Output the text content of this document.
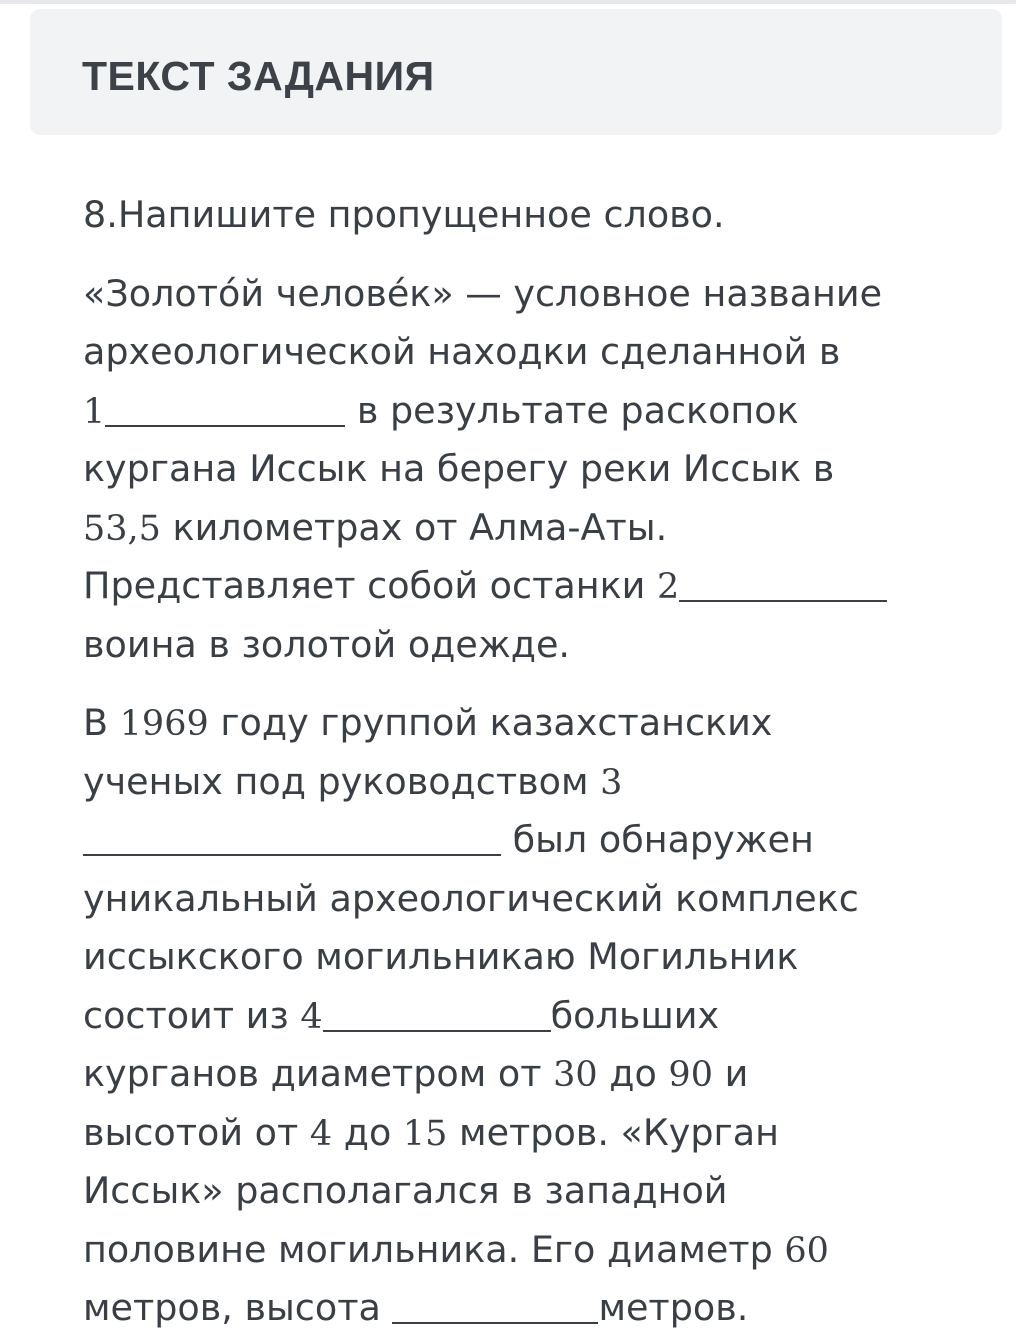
ТЕКСТ ЗАДАНИЯ
8.Напишите пропущенное слово.
«Золото́й челове́к» — условное название
археологической находки сделанной в
1	в результате раскопок
кургана Иссык на берегу реки Иссык в
53,5 километрах от Алма-Аты.
Представляет собой останки 2
воина в золотой одежде.
В 1969 году группой казахстанских
ученых под руководством 3
был обнаружен
уникальный археологический комплекс
иссыкского могильникаю Могильник
состоит из 4	больших
курганов диаметром от 30 до 90 и
высотой от 4 до 15 метров. «Курган
Иссык» располагался в западной
половине могильника. Его диаметр 60
метров, высота	метров.
